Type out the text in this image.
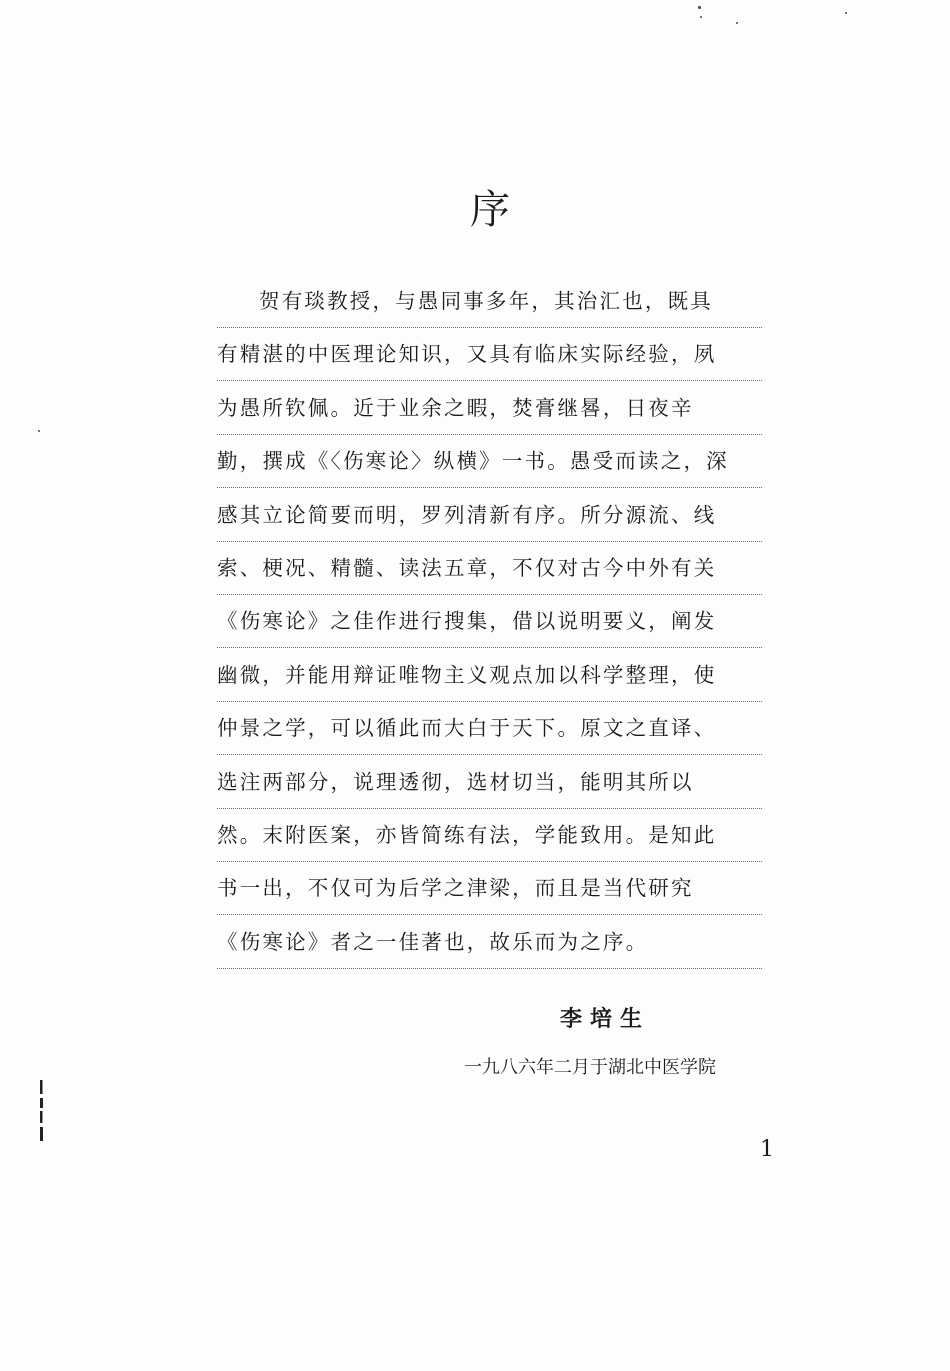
序
贺有琰教授，与愚同事多年，其治汇也，既具
有精湛的中医理论知识，又具有临床实际经验，夙
为愚所钦佩。近于业余之暇，焚膏继晷，日夜辛
勤，撰成《〈伤寒论〉纵横》一书。愚受而读之，深
感其立论简要而明，罗列清新有序。所分源流、线
索、梗况、精髓、读法五章，不仅对古今中外有关
《伤寒论》之佳作进行搜集，借以说明要义，阐发
幽微，并能用辩证唯物主义观点加以科学整理，使
仲景之学，可以循此而大白于天下。原文之直译、
选注两部分，说理透彻，选材切当，能明其所以
然。末附医案，亦皆简练有法，学能致用。是知此
书一出，不仅可为后学之津梁，而且是当代研究
《伤寒论》者之一佳著也，故乐而为之序。
李培生
一九八六年二月于湖北中医学院
1
